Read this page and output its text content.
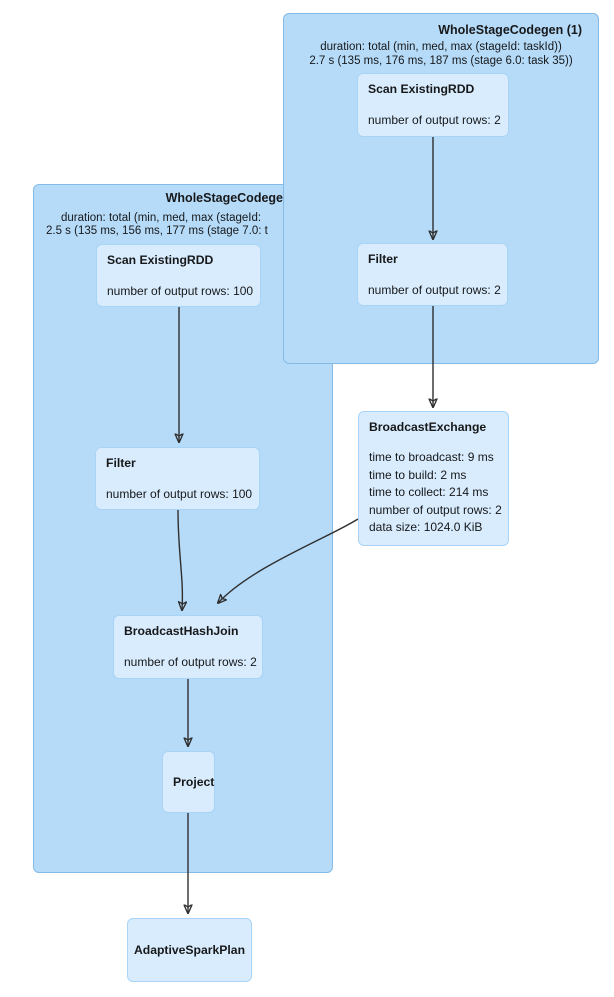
WholeStageCodege
duration: total (min, med, max (stageId:
2.5 s (135 ms, 156 ms, 177 ms (stage 7.0: t
WholeStageCodegen (1)
duration: total (min, med, max (stageId: taskId))
2.7 s (135 ms, 176 ms, 187 ms (stage 6.0: task 35))
Scan ExistingRDD
number of output rows: 2
Filter
number of output rows: 2
Scan ExistingRDD
number of output rows: 100
Filter
number of output rows: 100
BroadcastExchange
time to broadcast: 9 ms
time to build: 2 ms
time to collect: 214 ms
number of output rows: 2
data size: 1024.0 KiB
BroadcastHashJoin
number of output rows: 2
Project
AdaptiveSparkPlan
